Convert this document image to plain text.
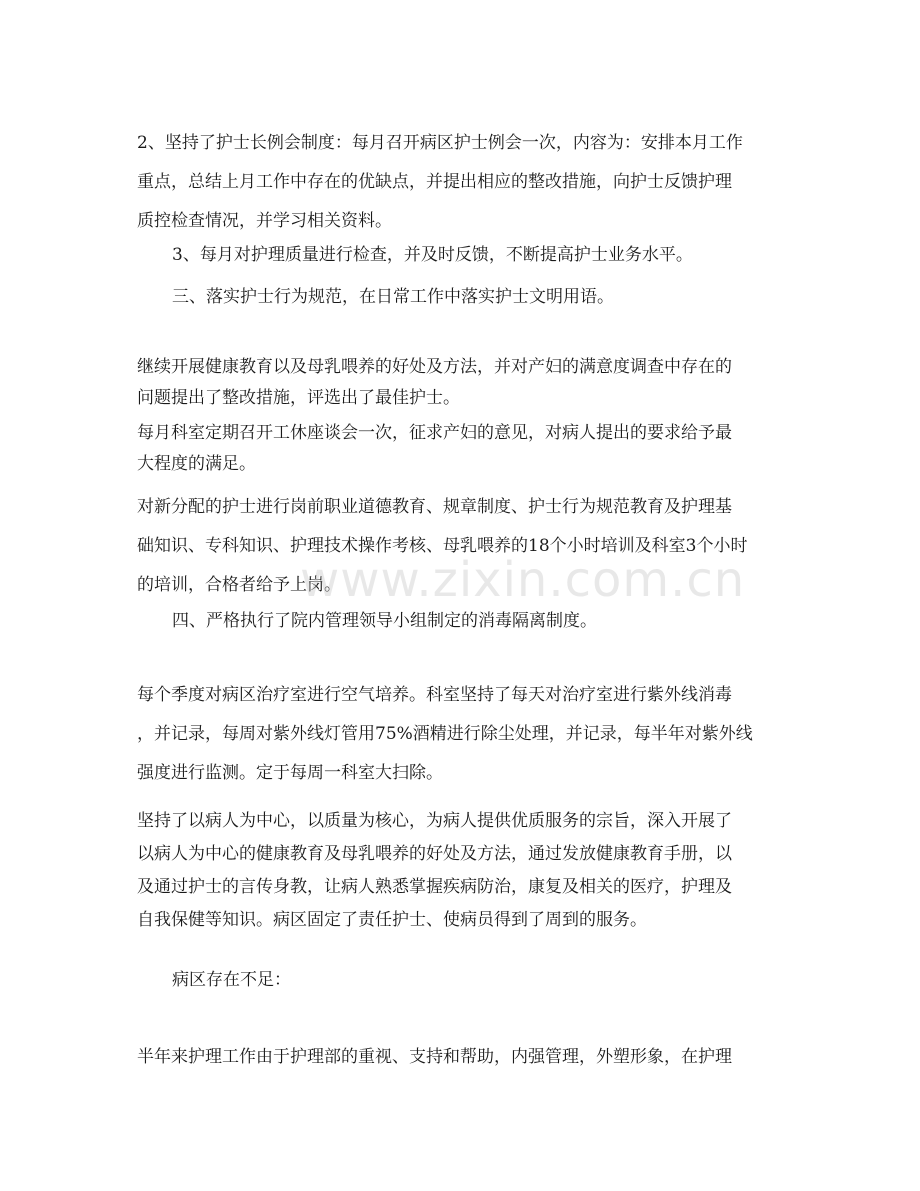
2、坚持了护士长例会制度：每月召开病区护士例会一次，内容为：安排本月工作
重点，总结上月工作中存在的优缺点，并提出相应的整改措施，向护士反馈护理
质控检查情况，并学习相关资料。
3、每月对护理质量进行检查，并及时反馈，不断提高护士业务水平。
三、落实护士行为规范，在日常工作中落实护士文明用语。
继续开展健康教育以及母乳喂养的好处及方法，并对产妇的满意度调查中存在的
问题提出了整改措施，评选出了最佳护士。
每月科室定期召开工休座谈会一次，征求产妇的意见，对病人提出的要求给予最
大程度的满足。
对新分配的护士进行岗前职业道德教育、规章制度、护士行为规范教育及护理基
础知识、专科知识、护理技术操作考核、母乳喂养的18个小时培训及科室3个小时
的培训，合格者给予上岗。
四、严格执行了院内管理领导小组制定的消毒隔离制度。
每个季度对病区治疗室进行空气培养。科室坚持了每天对治疗室进行紫外线消毒
，并记录，每周对紫外线灯管用75%酒精进行除尘处理，并记录，每半年对紫外线
强度进行监测。定于每周一科室大扫除。
坚持了以病人为中心，以质量为核心，为病人提供优质服务的宗旨，深入开展了
以病人为中心的健康教育及母乳喂养的好处及方法，通过发放健康教育手册，以
及通过护士的言传身教，让病人熟悉掌握疾病防治，康复及相关的医疗，护理及
自我保健等知识。病区固定了责任护士、使病员得到了周到的服务。
病区存在不足：
半年来护理工作由于护理部的重视、支持和帮助，内强管理，外塑形象，在护理
www.zixin.com.cn
